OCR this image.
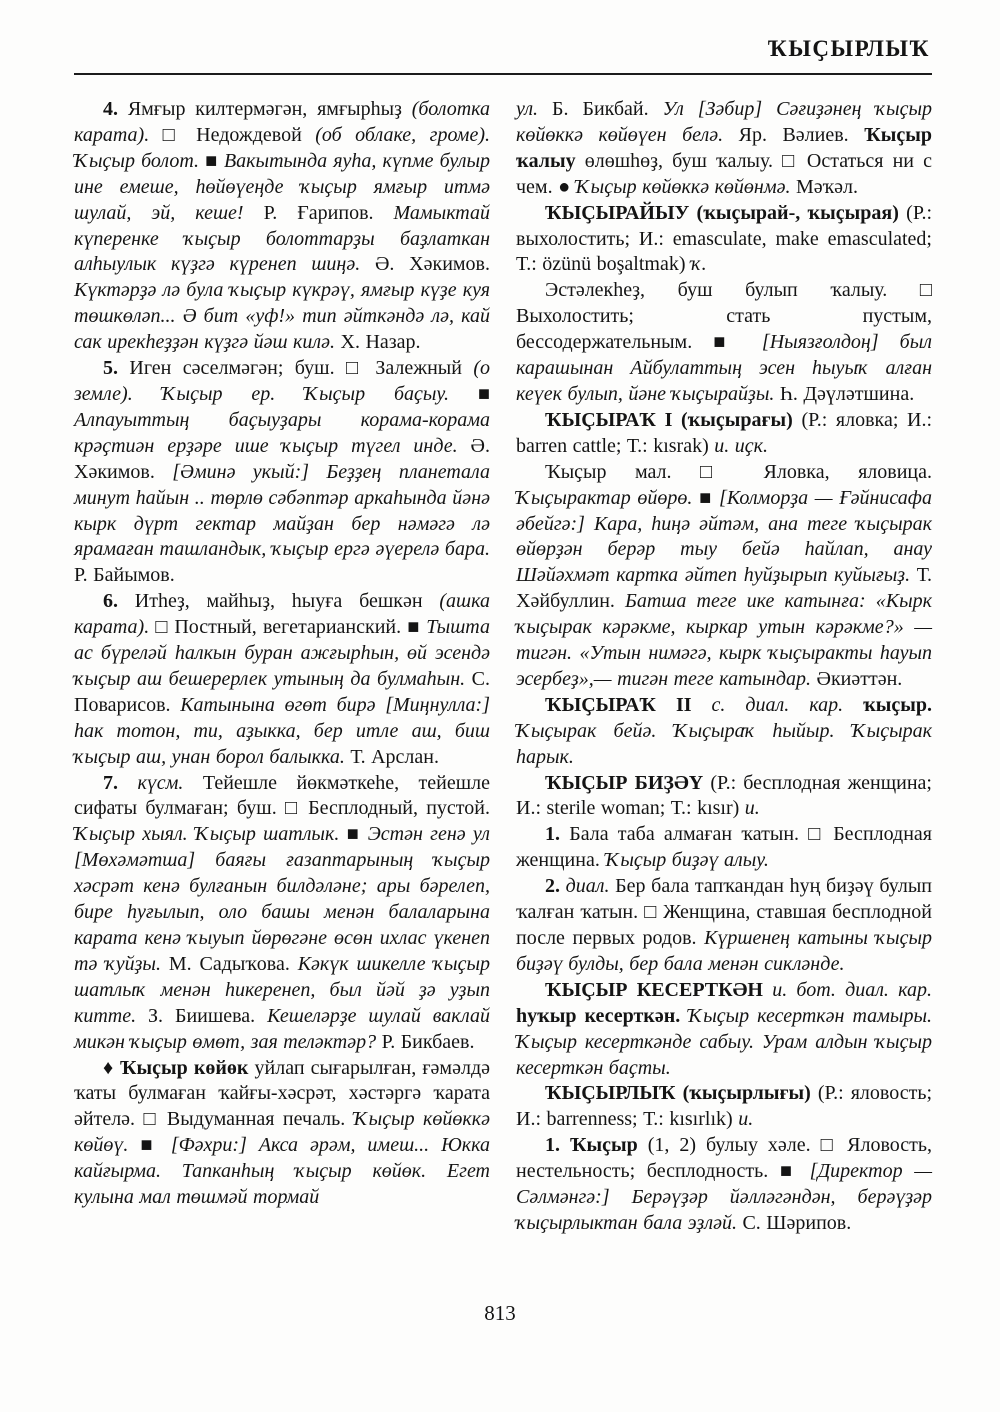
ҠЫҪЫРЛЫҠ

4. Ямғыр килтермәгән, ямғырһыҙ (болотка карата). □ Недождевой (об облаке, громе). Ҡыҫыр болот. ■ Вакытында яуһа, күпме булыр ине емеше, һөйөүеңде ҡыҫыр ямғыр итмә шулай, эй, кеше! Р. Ғарипов. Мамыктай күперенке ҡыҫыр болоттарҙы баҙлаткан алһыулык күҙгә күренеп шиңә. Ә. Хәкимов. Күктәрҙә лә була ҡыҫыр күкрәү, ямғыр күҙе куя төшкөләп... Ә бит «уф!» тип әйткәндә лә, кай сак ирекһеҙҙән күҙгә йәш килә. Х. Назар.

5. Иген сәселмәгән; буш. □ Залежный (о земле). Ҡыҫыр ер. Ҡыҫыр баҫыу. ■ Алпауыттың баҫыуҙары корама-корама крәҫтиән ерҙәре ише ҡыҫыр түгел инде. Ә. Хәкимов. [Әминә укый:] Беҙҙең планетала минут һайын .. төрлө сәбәптәр аркаһында йәнә кырк дүрт гектар майҙан бер нәмәгә лә ярамаған ташландык, ҡыҫыр ергә әүерелә бара. Р. Байымов.

6. Итһеҙ, майһыҙ, һыуға бешкән (ашка карата). □ Постный, вегетарианский. ■ Тышта ас бүреләй һалкын буран ажғырһын, өй эсендә ҡыҫыр аш бешерерлек утының да булмаһын. С. Поварисов. Катынына өгөт бирә [Миңнулла:] һак тотон, ти, аҙыкка, бер итле аш, биш ҡыҫыр аш, унан борол балыкка. Т. Арслан.

7. күсм. Тейешле йөкмәткеһе, тейешле сифаты булмаған; буш. □ Бесплодный, пустой. Ҡыҫыр хыял. Ҡыҫыр шатлык. ■ Эстән генә ул [Мөхәмәтша] баяғы ғазаптарының ҡыҫыр хәсрәт кенә булғанын билдәләне; ары бәрелеп, бире һуғылып, оло башы менән балаларына карата кенә ҡыуып йөрөгәне өсөн ихлас үкенеп тә ҡуйҙы. М. Садыҡова. Кәкүк шикелле ҡыҫыр шатлыҡ менән һикеренеп, был йәй ҙә уҙып китте. З. Биишева. Кешеләрҙе шулай ваклай микән ҡыҫыр өмөт, зая теләктәр? Р. Бикбаев.

♦ Ҡыҫыр көйөк уйлап сығарылған, ғәмәлдә ҡаты булмаған ҡайғы-хәсрәт, хәстәргә ҡарата әйтелә. □ Выдуманная печаль. Ҡыҫыр көйөккә көйөү. ■ [Фәхри:] Акса әрәм, имеш... Юкка кайғырма. Тапканһың ҡыҫыр көйөк. Егет кулына мал төшмәй тормай

ул. Б. Бикбай. Ул [Зәбир] Сәғиҙәнең ҡыҫыр көйөккә көйөүен белә. Яр. Вәлиев. Ҡыҫыр ҡалыу өлөшһөҙ, буш ҡалыу. □ Остаться ни с чем. ● Ҡыҫыр көйөккә көйөнмә. Мәҡәл.

ҠЫҪЫРАЙЫУ (ҡыҫырай-, ҡыҫырая) (Р.: выхолостить; И.: emasculate, make emasculated; Т.: özünü boşaltmak) ҡ.

Эстәлекһеҙ, буш булып ҡалыу. □ Выхолостить; стать пустым, бессодержательным. ■ [Ныязғолдоң] был карашынан Айбулаттың эсен һыуыҡ алған кеүек булып, йәне ҡыҫырайҙы. Һ. Дәүләтшина.

ҠЫҪЫРАҠ I (ҡыҫырағы) (Р.: яловка; И.: barren cattle; Т.: kısrak) и. иҫк.

Ҡыҫыр мал. □ Яловка, яловица. Ҡыҫырактар өйөрө. ■ [Колморҙа — Ғәйнисафа әбейгә:] Кара, һиңә әйтәм, ана теге ҡыҫырак өйөрҙән берәр тыу бейә һайлап, анау Шәйәхмәт картка әйтеп һуйҙырып куйығыҙ. Т. Хәйбуллин. Батша теге ике катынға: «Кырк ҡыҫырак кәрәкме, кыркар утын кәрәкме?» — тигән. «Утын нимәгә, кырк ҡыҫыракты һауып эсербеҙ»,— тигән теге катындар. Әкиәттән.

ҠЫҪЫРАҠ II с. диал. кар. ҡыҫыр. Ҡыҫырак бейә. Ҡыҫыраҡ һыйыр. Ҡыҫырак һарык.

ҠЫҪЫР БИҘӘҮ (Р.: бесплодная женщина; И.: sterile woman; Т.: kısır) и.

1. Бала таба алмаған ҡатын. □ Бесплодная женщина. Ҡыҫыр биҙәү алыу.

2. диал. Бер бала тапҡандан һуң биҙәү булып ҡалған ҡатын. □ Женщина, ставшая бесплодной после первых родов. Күршенең катыны ҡыҫыр биҙәү булды, бер бала менән сикләнде.

ҠЫҪЫР КЕСЕРТКӘН и. бот. диал. кар. һуҡыр кесерткән. Ҡыҫыр кесерткән тамыры. Ҡыҫыр кесерткәнде сабыу. Урам алдын ҡыҫыр кесерткән баҫты.

ҠЫҪЫРЛЫҠ (ҡыҫырлығы) (Р.: яловость; И.: barrenness; Т.: kısırlık) и.

1. Ҡыҫыр (1, 2) булыу хәле. □ Яловость, нестельность; бесплодность. ■ [Директор — Сәлмәнгә:] Берәүҙәр йәлләгәндән, берәүҙәр ҡыҫырлыктан бала эҙләй. С. Шәрипов.

813
